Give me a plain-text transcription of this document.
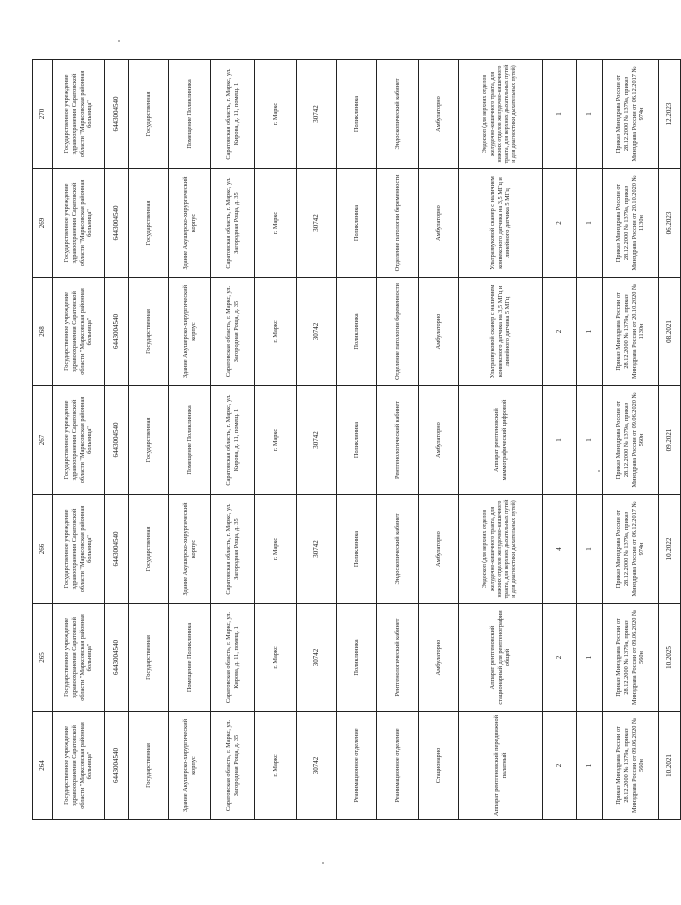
264	265	266	267	268	269	270
Государственное учреждение здравоохранения Саратовской области "Марксовская районная больница"	Государственное учреждение здравоохранения Саратовской области "Марксовская районная больница"	Государственное учреждение здравоохранения Саратовской области "Марксовская районная больница"	Государственное учреждение здравоохранения Саратовской области "Марксовская районная больница"	Государственное учреждение здравоохранения Саратовской области "Марксовская районная больница"	Государственное учреждение здравоохранения Саратовской области "Марксовская районная больница"	Государственное учреждение здравоохранения Саратовской области "Марксовская районная больница"
6443004540	6443004540	6443004540	6443004540	6443004540	6443004540	6443004540
Государственная	Государственная	Государственная	Государственная	Государственная	Государственная	Государственная
Здание Акушерско-хирургический корпус	Помещение Поликлиника	Здание Акушерско-хирургический корпус	Помещение Поликлиника	Здание Акушерско-хирургический корпус	Здание Акушерско-хирургический корпус	Помещение Поликлиника
Саратовская область, г. Маркс, ул. Загородная Роща, д. 35	Саратовская область, г. Маркс, ул. Кирова, д. 11, помещ. 1	Саратовская область, г. Маркс, ул. Загородная Роща, д. 35	Саратовская область, г. Маркс, ул. Кирова, д. 11, помещ. 1	Саратовская область, г. Маркс, ул. Загородная Роща, д. 35	Саратовская область, г. Маркс, ул. Загородная Роща, д. 35	Саратовская область, г. Маркс, ул. Кирова, д. 11, помещ. 1
г. Маркс	г. Маркс	г. Маркс	г. Маркс	г. Маркс	г. Маркс	г. Маркс
30742	30742	30742	30742	30742	30742	30742
Реанимационное отделение	Поликлиника	Поликлиника	Поликлиника	Поликлиника	Поликлиника	Поликлиника
Реанимационное отделение	Рентгенологический кабинет	Эндоскопический кабинет	Рентгенологический кабинет	Отделение патологии беременности	Отделение патологии беременности	Эндоскопический кабинет
Стационарно	Амбулаторно	Амбулаторно	Амбулаторно	Амбулаторно	Амбулаторно	Амбулаторно
Аппарат рентгеновский передвижной палатный	Аппарат рентгеновский стационарный для рентгенографии общей	Эндоскоп (для верхних отделов желудочно-кишечного тракта, для нижних отделов желудочно-кишечного тракта, для верхних дыхательных путей и для диагностики дыхательных путей)	Аппарат рентгеновский маммографический цифровой	Ультразвуковой сканер с наличием конвексного датчика на 3,5 МГц и линейного датчика 5 МГц	Ультразвуковой сканер с наличием конвексного датчика на 3,5 МГц и линейного датчика 5 МГц	Эндоскоп (для верхних отделов желудочно-кишечного тракта, для нижних отделов желудочно-кишечного тракта, для верхних дыхательных путей и для диагностики дыхательных путей)
2	2	4	1	2	2	1
1	1	1	1	1	1	1
Приказ Минздрава России от 28.12.2000 № 1379а, приказ Минздрава России от 09.06.2020 № 560н	Приказ Минздрава России от 28.12.2000 № 1379а, приказ Минздрава России от 09.06.2020 № 560н	Приказ Минздрава России от 28.12.2000 № 1379а, приказ Минздрава России от 06.12.2017 № 974н	Приказ Минздрава России от 28.12.2000 № 1379а, приказ Минздрава России от 09.06.2020 № 560н	Приказ Минздрава России от 28.12.2000 № 1379а, приказ Минздрава России от 20.10.2020 № 1130н	Приказ Минздрава России от 28.12.2000 № 1379а, приказ Минздрава России от 20.10.2020 № 1130н	Приказ Минздрава России от 28.12.2000 № 1379а, приказ Минздрава России от 06.12.2017 № 974н
10.2021	10.2025	10.2022	09.2021	08.2021	06.2023	12.2023
